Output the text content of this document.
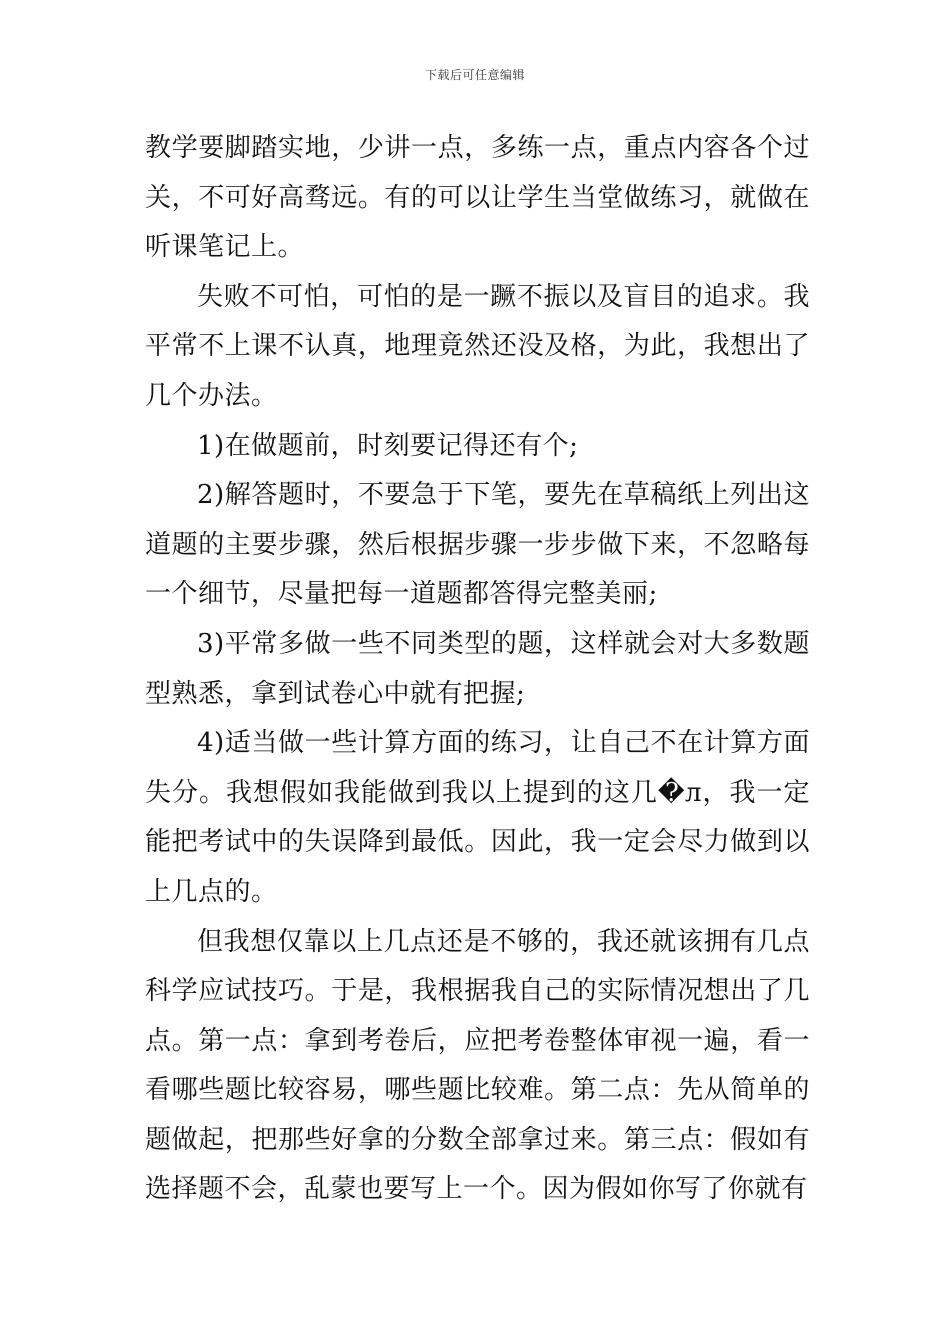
下载后可任意编辑

教学要脚踏实地，少讲一点，多练一点，重点内容各个过关，不可好高骛远。有的可以让学生当堂做练习，就做在听课笔记上。

失败不可怕，可怕的是一蹶不振以及盲目的追求。我平常不上课不认真，地理竟然还没及格，为此，我想出了几个办法。

1)在做题前，时刻要记得还有个;

2)解答题时，不要急于下笔，要先在草稿纸上列出这道题的主要步骤，然后根据步骤一步步做下来，不忽略每一个细节，尽量把每一道题都答得完整美丽;

3)平常多做一些不同类型的题，这样就会对大多数题型熟悉，拿到试卷心中就有把握;

4)适当做一些计算方面的练习，让自己不在计算方面失分。我想假如我能做到我以上提到的这几�л，我一定能把考试中的失误降到最低。因此，我一定会尽力做到以上几点的。

但我想仅靠以上几点还是不够的，我还就该拥有几点科学应试技巧。于是，我根据我自己的实际情况想出了几点。第一点：拿到考卷后，应把考卷整体审视一遍，看一看哪些题比较容易，哪些题比较难。第二点：先从简单的题做起，把那些好拿的分数全部拿过来。第三点：假如有选择题不会，乱蒙也要写上一个。因为假如你写了你就有
